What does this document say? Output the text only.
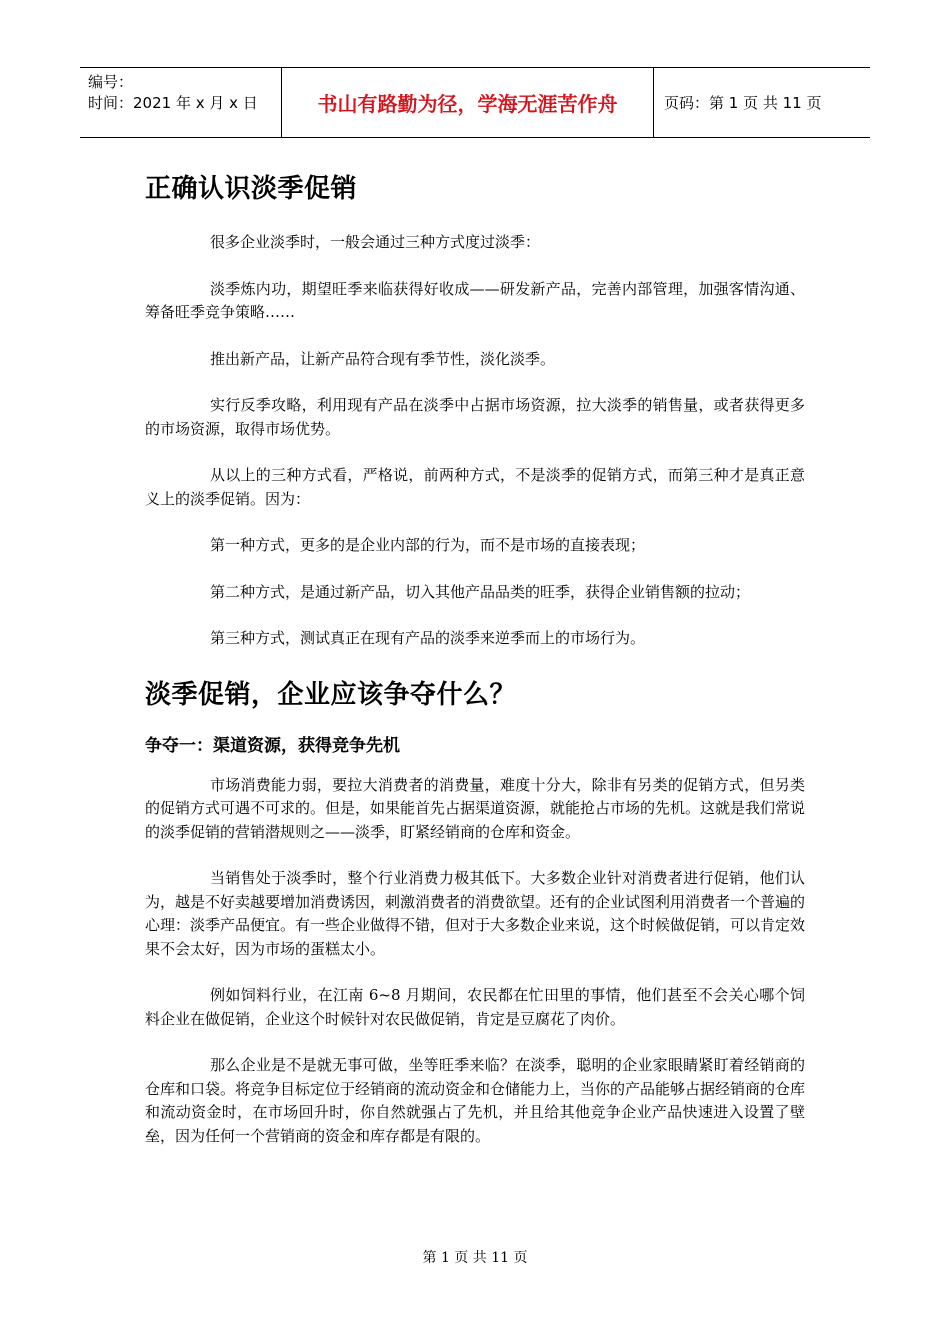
编号：
时间：2021 年 x 月 x 日	书山有路勤为径，学海无涯苦作舟	页码：第 1 页 共 11 页
正确认识淡季促销

很多企业淡季时，一般会通过三种方式度过淡季：

淡季炼内功，期望旺季来临获得好收成——研发新产品，完善内部管理，加强客情沟通、筹备旺季竞争策略……

推出新产品，让新产品符合现有季节性，淡化淡季。

实行反季攻略，利用现有产品在淡季中占据市场资源，拉大淡季的销售量，或者获得更多的市场资源，取得市场优势。

从以上的三种方式看，严格说，前两种方式，不是淡季的促销方式，而第三种才是真正意义上的淡季促销。因为：

第一种方式，更多的是企业内部的行为，而不是市场的直接表现；

第二种方式，是通过新产品，切入其他产品品类的旺季，获得企业销售额的拉动；

第三种方式，测试真正在现有产品的淡季来逆季而上的市场行为。

淡季促销，企业应该争夺什么？
争夺一：渠道资源，获得竞争先机

市场消费能力弱，要拉大消费者的消费量，难度十分大，除非有另类的促销方式，但另类的促销方式可遇不可求的。但是，如果能首先占据渠道资源，就能抢占市场的先机。这就是我们常说的淡季促销的营销潜规则之——淡季，盯紧经销商的仓库和资金。

当销售处于淡季时，整个行业消费力极其低下。大多数企业针对消费者进行促销，他们认为，越是不好卖越要增加消费诱因，刺激消费者的消费欲望。还有的企业试图利用消费者一个普遍的心理：淡季产品便宜。有一些企业做得不错，但对于大多数企业来说，这个时候做促销，可以肯定效果不会太好，因为市场的蛋糕太小。

例如饲料行业，在江南 6~8 月期间，农民都在忙田里的事情，他们甚至不会关心哪个饲料企业在做促销，企业这个时候针对农民做促销，肯定是豆腐花了肉价。

那么企业是不是就无事可做，坐等旺季来临？在淡季，聪明的企业家眼睛紧盯着经销商的仓库和口袋。将竞争目标定位于经销商的流动资金和仓储能力上，当你的产品能够占据经销商的仓库和流动资金时，在市场回升时，你自然就强占了先机，并且给其他竞争企业产品快速进入设置了壁垒，因为任何一个营销商的资金和库存都是有限的。

第 1 页 共 11 页
